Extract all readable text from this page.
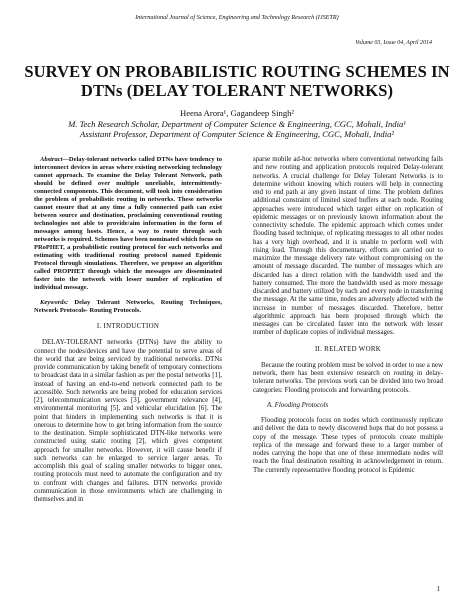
International Journal of Science, Engineering and Technology Research (IJSETR)
Volume 03, Issue 04, April 2014
SURVEY ON PROBABILISTIC ROUTING SCHEMES IN DTNs (DELAY TOLERANT NETWORKS)
Heena Arora¹, Gagandeep Singh²
M. Tech Research Scholar, Department of Computer Science & Engineering, CGC, Mohali, India¹
Assistant Professor, Department of Computer Science & Engineering, CGC, Mohali, India²

Abstract—Delay-tolerant networks called DTNs have tendency to interconnect devices in areas where existing networking technology cannot approach. To examine the Delay Tolerant Network, path should be defined over multiple unreliable, intermittently-connected components. This document, will took into consideration the problem of probabilistic routing in networks. These networks cannot ensure that at any time a fully connected path can exist between source and destination, proclaiming conventional routing technologies not able to provide/aim information in the form of messages among hosts. Hence, a way to route through such networks is required. Schemes have been nominated which focus on PRoPHET, a probabilistic routing protocol for such networks and estimating with traditional routing protocol named Epidemic Protocol through simulations. Therefore, we propose an algorithm called PROPHET through which the messages are disseminated faster into the network with lesser number of replication of individual message.

Keywords: Delay Tolerant Networks, Routing Techniques, Network Protocols- Routing Protocols.

I. INTRODUCTION

DELAY-TOLERANT networks (DTNs) have the ability to connect the nodes/devices and have the potential to serve areas of the world that are being serviced by traditional networks. DTNs provide communication by taking benefit of temporary connections to broadcast data in a similar fashion as per the postal networks [1], instead of having an end-to-end network connected path to be accessible. Such networks are being probed for education services [2], telecommunication services [3], government relevance [4], environmental monitoring [5], and vehicular elucidation [6]. The point that hinders in implementing such networks is that it is onerous to determine how to get bring information from the source to the destination. Simple sophisticated DTN-like networks were constructed using static routing [2], which gives competent approach for smaller networks. However, it will cause benefit if such networks can be enlarged to service larger areas. To accomplish this goal of scaling smaller networks to bigger ones, routing protocols must need to automate the configuration and try to confront with changes and failures. DTN networks provide communication in those environments which are challenging in themselves and in

sparse mobile ad-hoc networks where conventional networking fails and new routing and application protocols required Delay-tolerant networks. A crucial challenge for Delay Tolerant Networks is to determine without knowing which routers will help in connecting end to end path at any given instant of time. The problem defines additional constraint of limited sized buffers at each node. Routing approaches were introduced which target either on replication of epidemic messages or on previously known information about the connectivity schedule. The epidemic approach which comes under flooding based technique, of replicating messages to all other nodes has a very high overhead, and it is unable to perform well with rising load. Through this documentary, efforts are carried out to maximize the message delivery rate without compromising on the amount of message discarded. The number of messages which are discarded has a direct relation with the bandwidth used and the battery consumed. The more the bandwidth used as more message discarded and battery utilized by each and every node in transferring the message. At the same time, nodes are adversely affected with the increase in number of messages discarded. Therefore, better algorithmic approach has been proposed through which the messages can be circulated faster into the network with lesser number of duplicate copies of individual messages.

II. RELATED WORK

Because the routing problem must be solved in order to use a new network, there has been extensive research on routing in delay-tolerant networks. The previous work can be divided into two broad categories: Flooding protocols and forwarding protocols.

A. Flooding Protocols

Flooding protocols focus on nodes which continuously replicate and deliver the data to newly discovered hops that do not possess a copy of the message. These types of protocols create multiple replica of the message and forward these to a larger number of nodes carrying the hope that one of these intermediate nodes will reach the final destination resulting in acknowledgement in return. The currently representative flooding protocol is Epidemic

1
